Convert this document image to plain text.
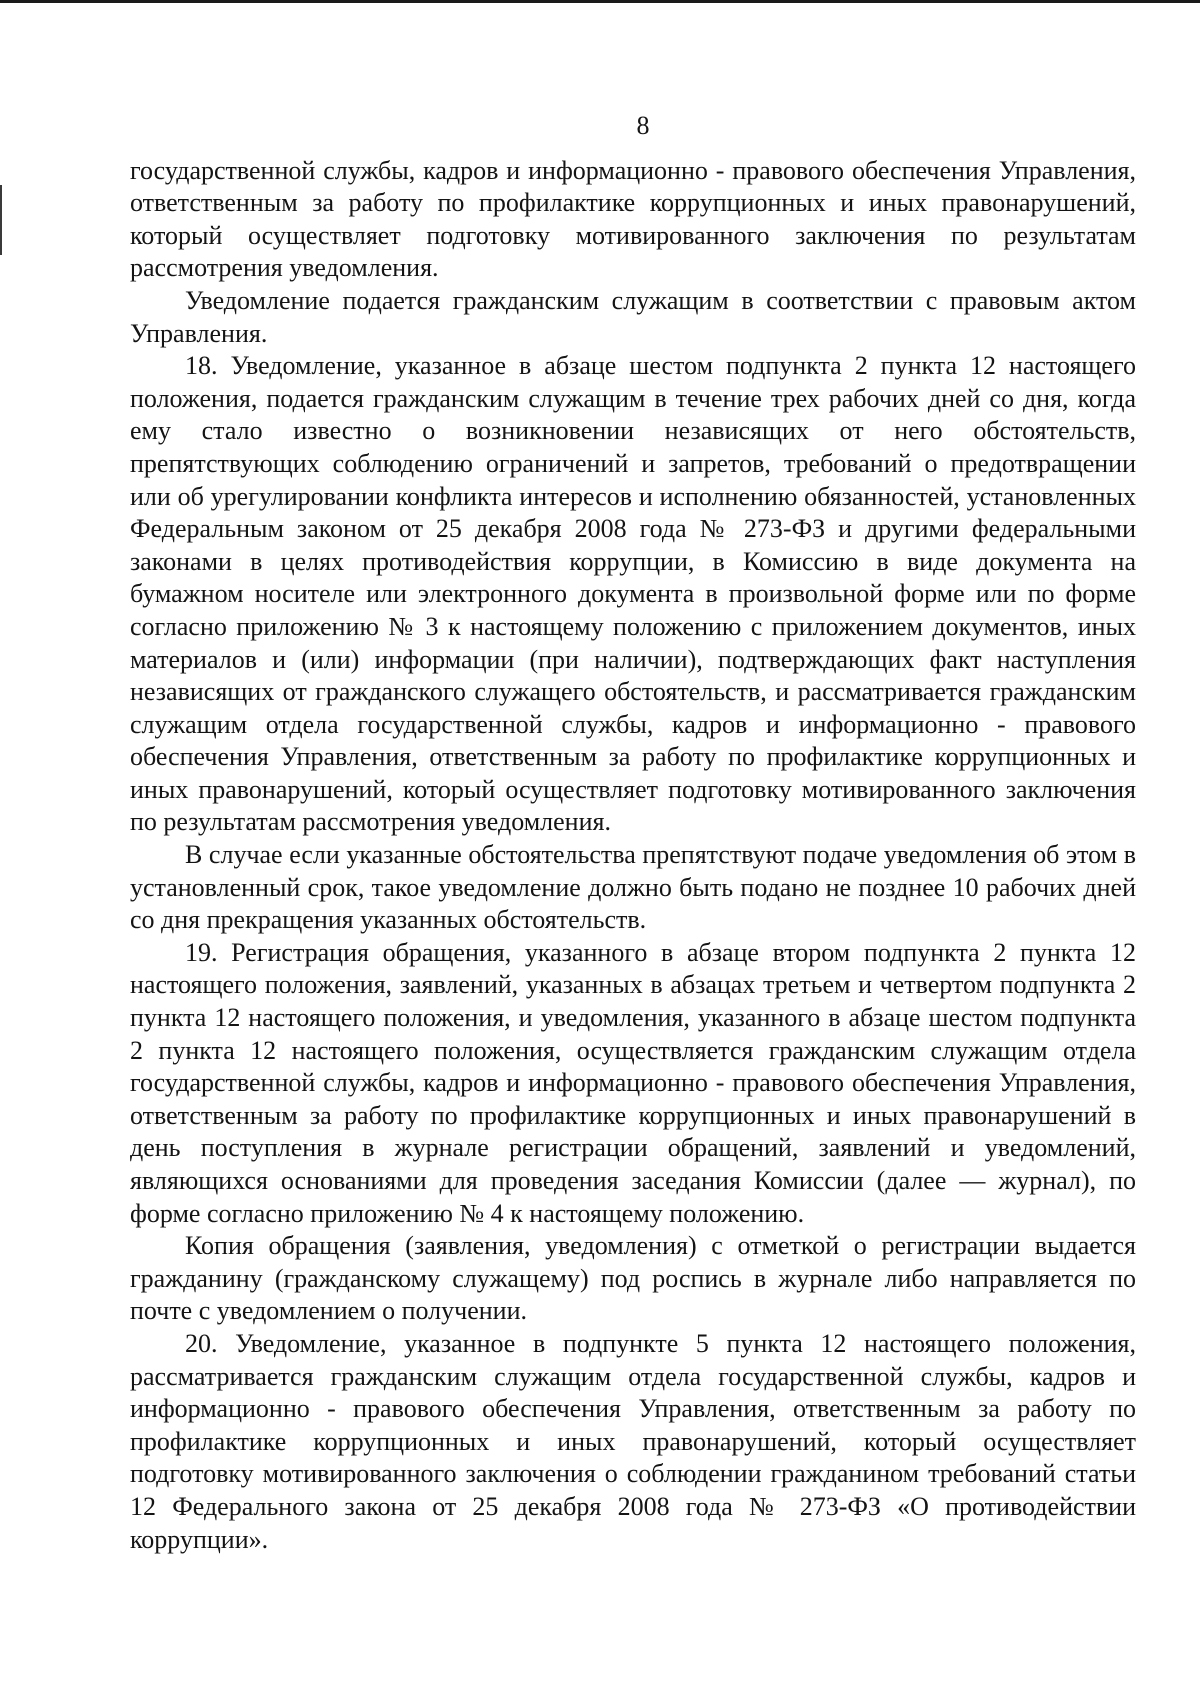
8

государственной службы, кадров и информационно - правового обеспечения Управления, ответственным за работу по профилактике коррупционных и иных правонарушений, который осуществляет подготовку мотивированного заключения по результатам рассмотрения уведомления.

Уведомление подается гражданским служащим в соответствии с правовым актом Управления.

18. Уведомление, указанное в абзаце шестом подпункта 2 пункта 12 настоящего положения, подается гражданским служащим в течение трех рабочих дней со дня, когда ему стало известно о возникновении независящих от него обстоятельств, препятствующих соблюдению ограничений и запретов, требований о предотвращении или об урегулировании конфликта интересов и исполнению обязанностей, установленных Федеральным законом от 25 декабря 2008 года № 273-ФЗ и другими федеральными законами в целях противодействия коррупции, в Комиссию в виде документа на бумажном носителе или электронного документа в произвольной форме или по форме согласно приложению № 3 к настоящему положению с приложением документов, иных материалов и (или) информации (при наличии), подтверждающих факт наступления независящих от гражданского служащего обстоятельств, и рассматривается гражданским служащим отдела государственной службы, кадров и информационно - правового обеспечения Управления, ответственным за работу по профилактике коррупционных и иных правонарушений, который осуществляет подготовку мотивированного заключения по результатам рассмотрения уведомления.

В случае если указанные обстоятельства препятствуют подаче уведомления об этом в установленный срок, такое уведомление должно быть подано не позднее 10 рабочих дней со дня прекращения указанных обстоятельств.

19. Регистрация обращения, указанного в абзаце втором подпункта 2 пункта 12 настоящего положения, заявлений, указанных в абзацах третьем и четвертом подпункта 2 пункта 12 настоящего положения, и уведомления, указанного в абзаце шестом подпункта 2 пункта 12 настоящего положения, осуществляется гражданским служащим отдела государственной службы, кадров и информационно - правового обеспечения Управления, ответственным за работу по профилактике коррупционных и иных правонарушений в день поступления в журнале регистрации обращений, заявлений и уведомлений, являющихся основаниями для проведения заседания Комиссии (далее — журнал), по форме согласно приложению № 4 к настоящему положению.

Копия обращения (заявления, уведомления) с отметкой о регистрации выдается гражданину (гражданскому служащему) под роспись в журнале либо направляется по почте с уведомлением о получении.

20. Уведомление, указанное в подпункте 5 пункта 12 настоящего положения, рассматривается гражданским служащим отдела государственной службы, кадров и информационно - правового обеспечения Управления, ответственным за работу по профилактике коррупционных и иных правонарушений, который осуществляет подготовку мотивированного заключения о соблюдении гражданином требований статьи 12 Федерального закона от 25 декабря 2008 года № 273-ФЗ «О противодействии коррупции».
